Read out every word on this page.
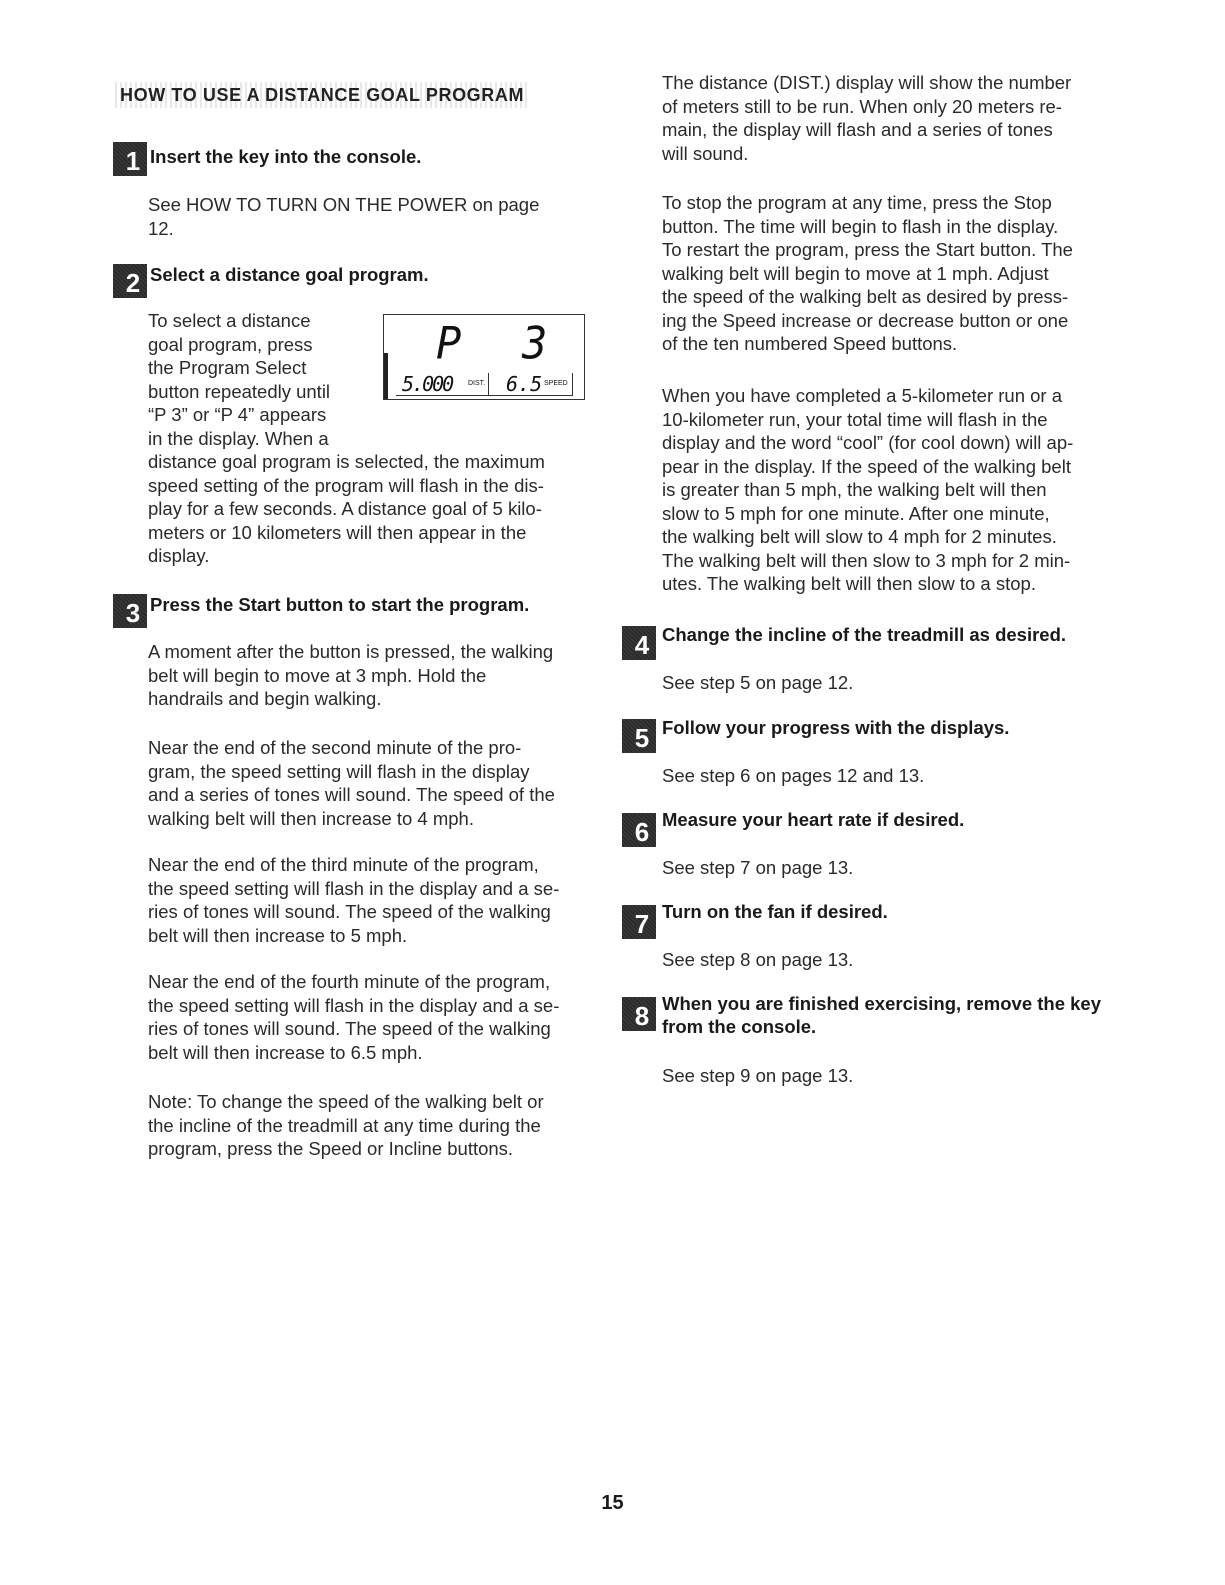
HOW TO USE A DISTANCE GOAL PROGRAM
1 Insert the key into the console.
See HOW TO TURN ON THE POWER on page
12.
2 Select a distance goal program.
To select a distance
goal program, press
the Program Select
button repeatedly until
“P 3” or “P 4” appears
in the display. When a
distance goal program is selected, the maximum
speed setting of the program will flash in the dis-
play for a few seconds. A distance goal of 5 kilo-
meters or 10 kilometers will then appear in the
display.
P 3
5.000 DIST. 6.5 SPEED
3 Press the Start button to start the program.
A moment after the button is pressed, the walking
belt will begin to move at 3 mph. Hold the
handrails and begin walking.
Near the end of the second minute of the pro-
gram, the speed setting will flash in the display
and a series of tones will sound. The speed of the
walking belt will then increase to 4 mph.
Near the end of the third minute of the program,
the speed setting will flash in the display and a se-
ries of tones will sound. The speed of the walking
belt will then increase to 5 mph.
Near the end of the fourth minute of the program,
the speed setting will flash in the display and a se-
ries of tones will sound. The speed of the walking
belt will then increase to 6.5 mph.
Note: To change the speed of the walking belt or
the incline of the treadmill at any time during the
program, press the Speed or Incline buttons.
The distance (DIST.) display will show the number
of meters still to be run. When only 20 meters re-
main, the display will flash and a series of tones
will sound.
To stop the program at any time, press the Stop
button. The time will begin to flash in the display.
To restart the program, press the Start button. The
walking belt will begin to move at 1 mph. Adjust
the speed of the walking belt as desired by press-
ing the Speed increase or decrease button or one
of the ten numbered Speed buttons.
When you have completed a 5-kilometer run or a
10-kilometer run, your total time will flash in the
display and the word “cool” (for cool down) will ap-
pear in the display. If the speed of the walking belt
is greater than 5 mph, the walking belt will then
slow to 5 mph for one minute. After one minute,
the walking belt will slow to 4 mph for 2 minutes.
The walking belt will then slow to 3 mph for 2 min-
utes. The walking belt will then slow to a stop.
4 Change the incline of the treadmill as desired.
See step 5 on page 12.
5 Follow your progress with the displays.
See step 6 on pages 12 and 13.
6 Measure your heart rate if desired.
See step 7 on page 13.
7 Turn on the fan if desired.
See step 8 on page 13.
8 When you are finished exercising, remove the key from the console.
See step 9 on page 13.
15
